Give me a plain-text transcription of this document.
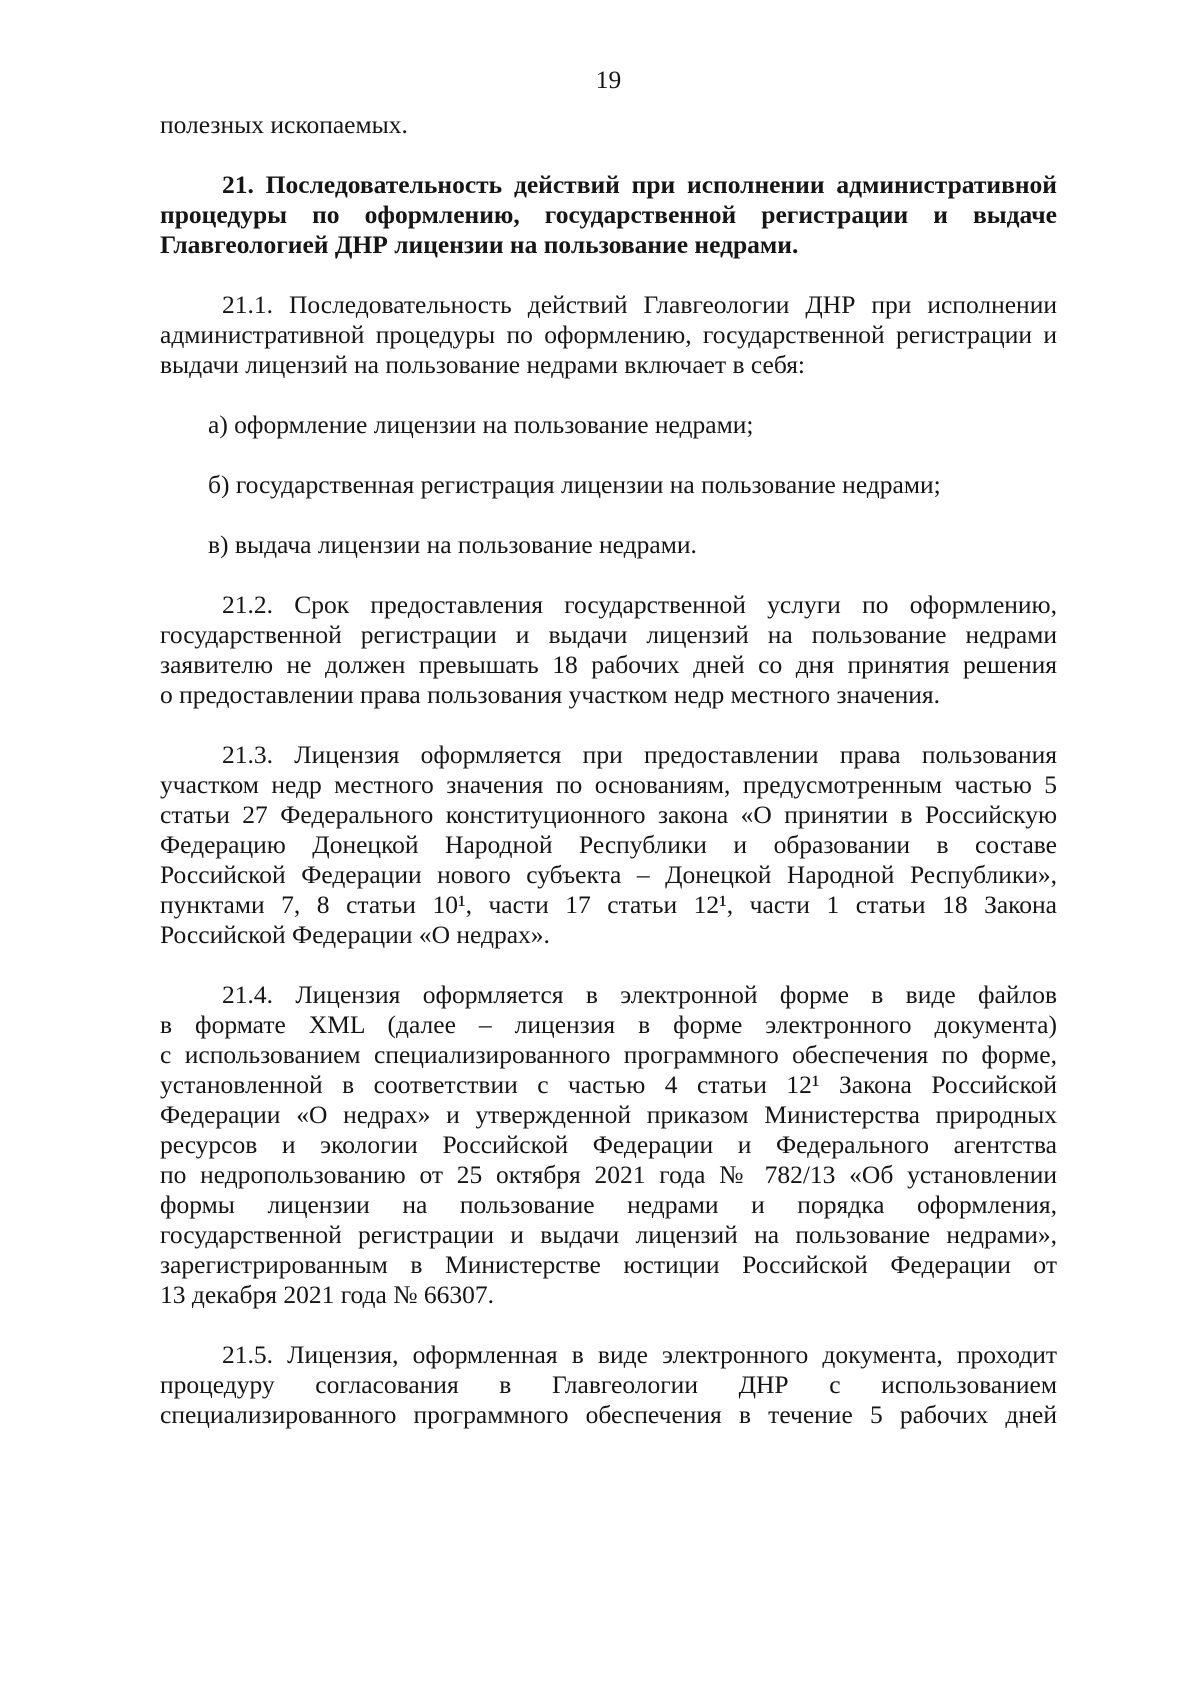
19
полезных ископаемых.
21. Последовательность действий при исполнении административной
процедуры по оформлению, государственной регистрации и выдаче
Главгеологией ДНР лицензии на пользование недрами.
21.1. Последовательность действий Главгеологии ДНР при исполнении
административной процедуры по оформлению, государственной регистрации и
выдачи лицензий на пользование недрами включает в себя:
а) оформление лицензии на пользование недрами;
б) государственная регистрация лицензии на пользование недрами;
в) выдача лицензии на пользование недрами.
21.2. Срок предоставления государственной услуги по оформлению,
государственной регистрации и выдачи лицензий на пользование недрами
заявителю не должен превышать 18 рабочих дней со дня принятия решения
о предоставлении права пользования участком недр местного значения.
21.3. Лицензия оформляется при предоставлении права пользования
участком недр местного значения по основаниям, предусмотренным частью 5
статьи 27 Федерального конституционного закона «О принятии в Российскую
Федерацию Донецкой Народной Республики и образовании в составе
Российской Федерации нового субъекта – Донецкой Народной Республики»,
пунктами 7, 8 статьи 10¹, части 17 статьи 12¹, части 1 статьи 18 Закона
Российской Федерации «О недрах».
21.4. Лицензия оформляется в электронной форме в виде файлов
в формате XML (далее – лицензия в форме электронного документа)
с использованием специализированного программного обеспечения по форме,
установленной в соответствии с частью 4 статьи 12¹ Закона Российской
Федерации «О недрах» и утвержденной приказом Министерства природных
ресурсов и экологии Российской Федерации и Федерального агентства
по недропользованию от 25 октября 2021 года № 782/13 «Об установлении
формы лицензии на пользование недрами и порядка оформления,
государственной регистрации и выдачи лицензий на пользование недрами»,
зарегистрированным в Министерстве юстиции Российской Федерации от
13 декабря 2021 года № 66307.
21.5. Лицензия, оформленная в виде электронного документа, проходит
процедуру согласования в Главгеологии ДНР с использованием
специализированного программного обеспечения в течение 5 рабочих дней
